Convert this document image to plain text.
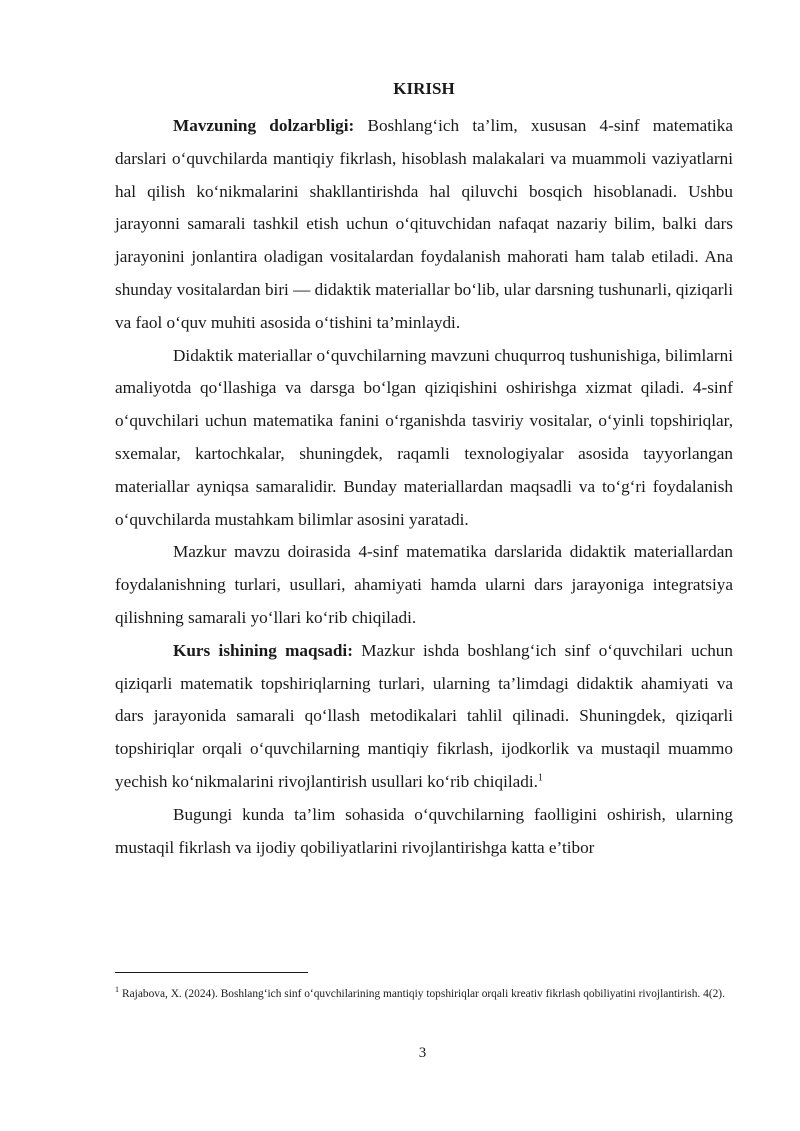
KIRISH

Mavzuning dolzarbligi: Boshlang‘ich ta’lim, xususan 4-sinf matematika darslari o‘quvchilarda mantiqiy fikrlash, hisoblash malakalari va muammoli vaziyatlarni hal qilish ko‘nikmalarini shakllantirishda hal qiluvchi bosqich hisoblanadi. Ushbu jarayonni samarali tashkil etish uchun o‘qituvchidan nafaqat nazariy bilim, balki dars jarayonini jonlantira oladigan vositalardan foydalanish mahorati ham talab etiladi. Ana shunday vositalardan biri — didaktik materiallar bo‘lib, ular darsning tushunarli, qiziqarli va faol o‘quv muhiti asosida o‘tishini ta’minlaydi.

Didaktik materiallar o‘quvchilarning mavzuni chuqurroq tushunishiga, bilimlarni amaliyotda qo‘llashiga va darsga bo‘lgan qiziqishini oshirishga xizmat qiladi. 4-sinf o‘quvchilari uchun matematika fanini o‘rganishda tasviriy vositalar, o‘yinli topshiriqlar, sxemalar, kartochkalar, shuningdek, raqamli texnologiyalar asosida tayyorlangan materiallar ayniqsa samaralidir. Bunday materiallardan maqsadli va to‘g‘ri foydalanish o‘quvchilarda mustahkam bilimlar asosini yaratadi.

Mazkur mavzu doirasida 4-sinf matematika darslarida didaktik materiallardan foydalanishning turlari, usullari, ahamiyati hamda ularni dars jarayoniga integratsiya qilishning samarali yo‘llari ko‘rib chiqiladi.

Kurs ishining maqsadi: Mazkur ishda boshlang‘ich sinf o‘quvchilari uchun qiziqarli matematik topshiriqlarning turlari, ularning ta’limdagi didaktik ahamiyati va dars jarayonida samarali qo‘llash metodikalari tahlil qilinadi. Shuningdek, qiziqarli topshiriqlar orqali o‘quvchilarning mantiqiy fikrlash, ijodkorlik va mustaqil muammo yechish ko‘nikmalarini rivojlantirish usullari ko‘rib chiqiladi.$^1$

Bugungi kunda ta’lim sohasida o‘quvchilarning faolligini oshirish, ularning mustaqil fikrlash va ijodiy qobiliyatlarini rivojlantirishga katta e’tibor

$^1$ Rajabova, X. (2024). Boshlang‘ich sinf o‘quvchilarining mantiqiy topshiriqlar orqali kreativ fikrlash qobiliyatini rivojlantirish. 4(2).
3
